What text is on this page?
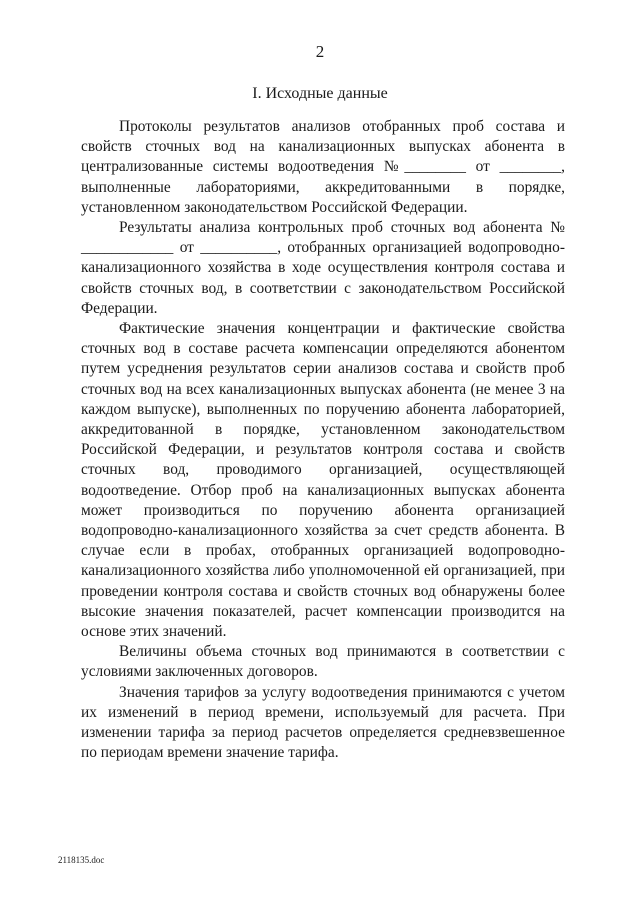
2
I. Исходные данные

Протоколы результатов анализов отобранных проб состава и свойств сточных вод на канализационных выпусках абонента в централизованные системы водоотведения №________ от ________, выполненные лабораториями, аккредитованными в порядке, установленном законодательством Российской Федерации.

Результаты анализа контрольных проб сточных вод абонента № ____________ от __________, отобранных организацией водопроводно-канализационного хозяйства в ходе осуществления контроля состава и свойств сточных вод, в соответствии с законодательством Российской Федерации.

Фактические значения концентрации и фактические свойства сточных вод в составе расчета компенсации определяются абонентом путем усреднения результатов серии анализов состава и свойств проб сточных вод на всех канализационных выпусках абонента (не менее 3 на каждом выпуске), выполненных по поручению абонента лабораторией, аккредитованной в порядке, установленном законодательством Российской Федерации, и результатов контроля состава и свойств сточных вод, проводимого организацией, осуществляющей водоотведение. Отбор проб на канализационных выпусках абонента может производиться по поручению абонента организацией водопроводно-канализационного хозяйства за счет средств абонента. В случае если в пробах, отобранных организацией водопроводно-канализационного хозяйства либо уполномоченной ей организацией, при проведении контроля состава и свойств сточных вод обнаружены более высокие значения показателей, расчет компенсации производится на основе этих значений.

Величины объема сточных вод принимаются в соответствии с условиями заключенных договоров.

Значения тарифов за услугу водоотведения принимаются с учетом их изменений в период времени, используемый для расчета. При изменении тарифа за период расчетов определяется средневзвешенное по периодам времени значение тарифа.

2118135.doc
